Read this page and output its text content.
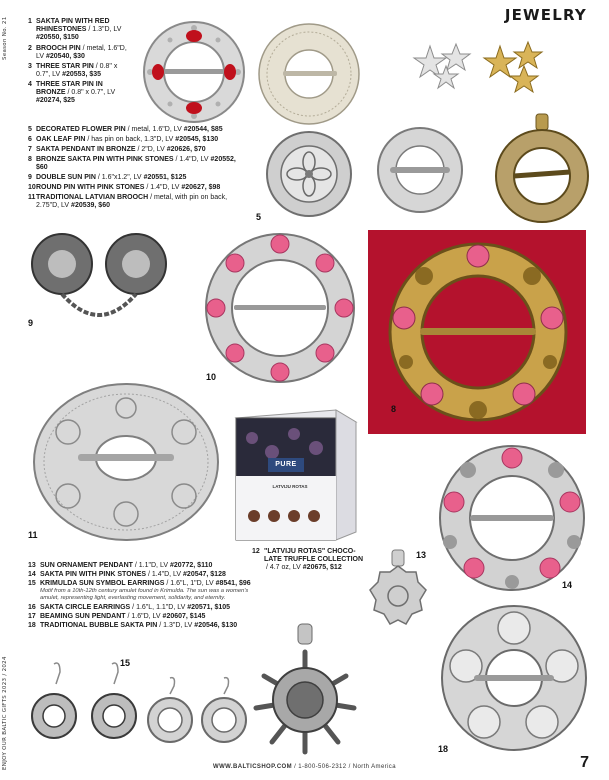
Season No. 21
ENJOY OUR BALTIC GIFTS 2023 / 2024
JEWELRY
1 SAKTA PIN WITH RED
RHINESTONES / 1.3"D, LV
#20550, $150
2 BROOCH PIN / metal, 1.6"D,
LV #20540, $30
3 THREE STAR PIN / 0.8" x
0.7", LV #20553, $35
4 THREE STAR PIN IN
BRONZE / 0.8" x 0.7", LV
#20274, $25
5 DECORATED FLOWER PIN / metal, 1.6"D, LV #20544, $85
6 OAK LEAF PIN / has pin on back, 1.3"D, LV #20545, $130
7 SAKTA PENDANT IN BRONZE / 2"D, LV #20626, $70
8 BRONZE SAKTA PIN WITH PINK STONES / 1.4"D, LV #20552,
$60
9 DOUBLE SUN PIN / 1.6"x1.2", LV #20551, $125
10ROUND PIN WITH PINK STONES / 1.4"D, LV #20627, $98
11TRADITIONAL LATVIAN BROOCH / metal, with pin on back,
2.75"D, LV #20539, $60
5
9
10
8
11
PURE
LATVIJU ROTAS
12 "LATVIJU ROTAS" CHOCO-
LATE TRUFFLE COLLECTION
/ 4.7 oz, LV #20675, $12
14
13 SUN ORNAMENT PENDANT / 1.1"D, LV #20772, $110
14 SAKTA PIN WITH PINK STONES / 1.4"D, LV #20547, $128
15 KRIMULDA SUN SYMBOL EARRINGS / 1.6"L, 1"D, LV #8541, $96
Motif from a 10th-12th century amulet found in Krimulda. The sun was a women's amulet, representing light, everlasting movement, solidarity, and eternity.
16 SAKTA CIRCLE EARRINGS / 1.6"L, 1.1"D, LV #20571, $105
17 BEAMING SUN PENDANT / 1.6"D, LV #20607, $145
18 TRADITIONAL BUBBLE SAKTA PIN / 1.3"D, LV #20546, $130
13
15
18
WWW.BALTICSHOP.COM / 1-800-506-2312 / North America	7
